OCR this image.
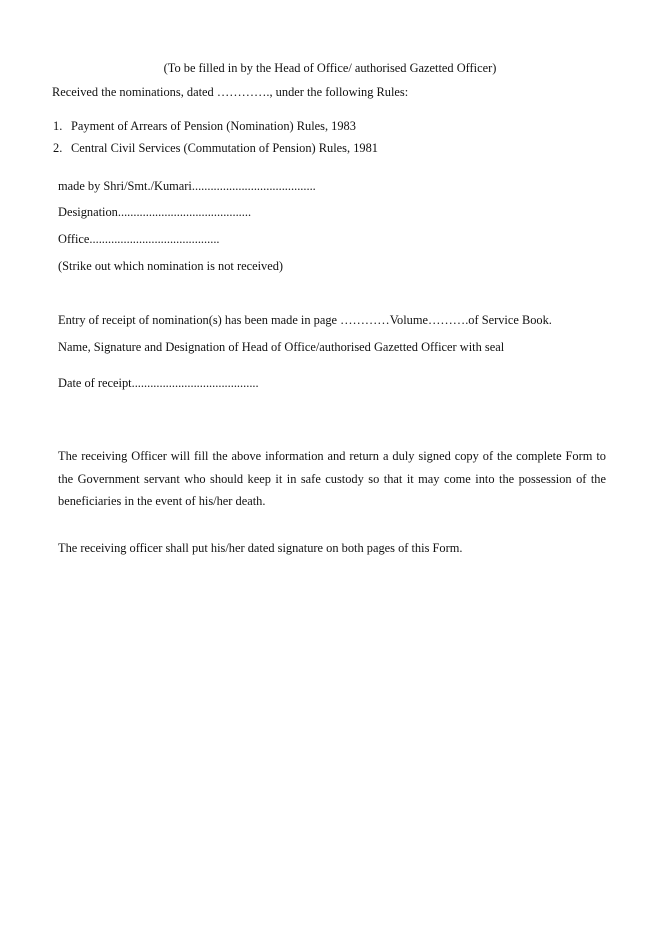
(To be filled in by the Head of Office/ authorised Gazetted Officer)
Received the nominations, dated …………., under the following Rules:
1. Payment of Arrears of Pension (Nomination) Rules, 1983
2. Central Civil Services (Commutation of Pension) Rules, 1981
made by Shri/Smt./Kumari........................................
Designation...........................................
Office..........................................
(Strike out which nomination is not received)
Entry of receipt of nomination(s) has been made in page …………Volume……….of Service Book.
Name, Signature and Designation of Head of Office/authorised Gazetted Officer with seal
Date of receipt.........................................
The receiving Officer will fill the above information and return a duly signed copy of the complete Form to the Government servant who should keep it in safe custody so that it may come into the possession of the beneficiaries in the event of his/her death.
The receiving officer shall put his/her dated signature on both pages of this Form.
